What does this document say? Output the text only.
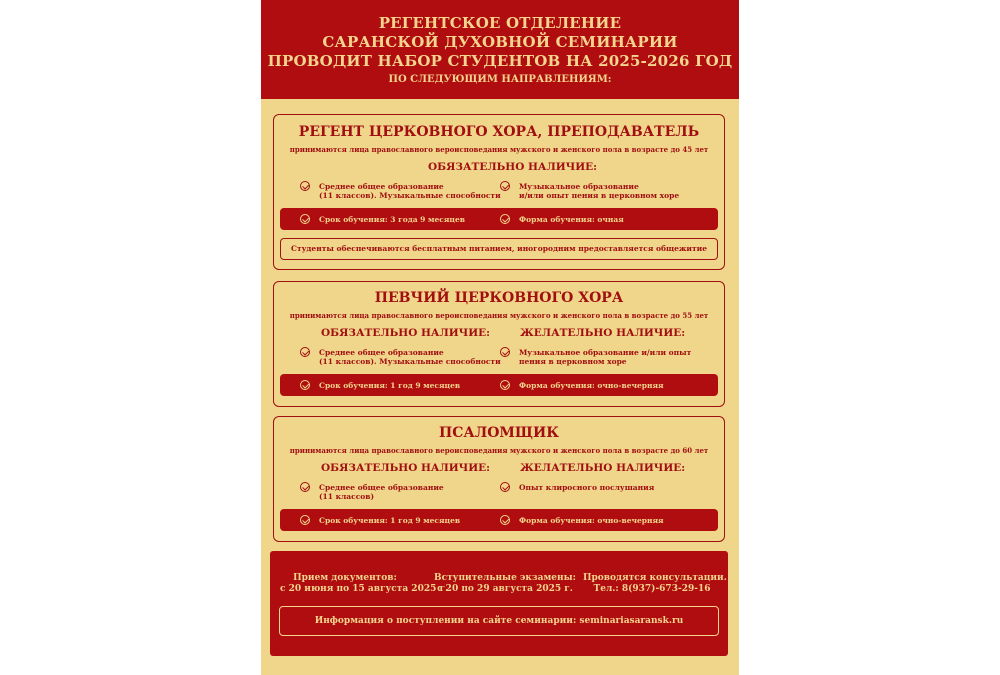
РЕГЕНТСКОЕ ОТДЕЛЕНИЕ
САРАНСКОЙ ДУХОВНОЙ СЕМИНАРИИ
ПРОВОДИТ НАБОР СТУДЕНТОВ НА 2025-2026 ГОД
ПО СЛЕДУЮЩИМ НАПРАВЛЕНИЯМ:
РЕГЕНТ ЦЕРКОВНОГО ХОРА, ПРЕПОДАВАТЕЛЬ
принимаются лица православного вероисповедания мужского и женского пола в возрасте до 45 лет
ОБЯЗАТЕЛЬНО НАЛИЧИЕ:
Среднее общее образование
(11 классов). Музыкальные способности
Музыкальное образование
и/или опыт пения в церковном хоре
Срок обучения: 3 года 9 месяцев	Форма обучения: очная
Студенты обеспечиваются бесплатным питанием, иногородним предоставляется общежитие
ПЕВЧИЙ ЦЕРКОВНОГО ХОРА
принимаются лица православного вероисповедания мужского и женского пола в возрасте до 55 лет
ОБЯЗАТЕЛЬНО НАЛИЧИЕ:	ЖЕЛАТЕЛЬНО НАЛИЧИЕ:
Среднее общее образование
(11 классов). Музыкальные способности
Музыкальное образование и/или опыт
пения в церковном хоре
Срок обучения: 1 год 9 месяцев	Форма обучения: очно-вечерняя
ПСАЛОМЩИК
принимаются лица православного вероисповедания мужского и женского пола в возрасте до 60 лет
ОБЯЗАТЕЛЬНО НАЛИЧИЕ:	ЖЕЛАТЕЛЬНО НАЛИЧИЕ:
Среднее общее образование
(11 классов)
Опыт клиросного послушания
Срок обучения: 1 год 9 месяцев	Форма обучения: очно-вечерняя
Прием документов:
с 20 июня по 15 августа 2025 г.
Вступительные экзамены:
с 20 по 29 августа 2025 г.
Проводятся консультации.
Тел.: 8(937)-673-29-16
Информация о поступлении на сайте семинарии: seminariasaransk.ru
